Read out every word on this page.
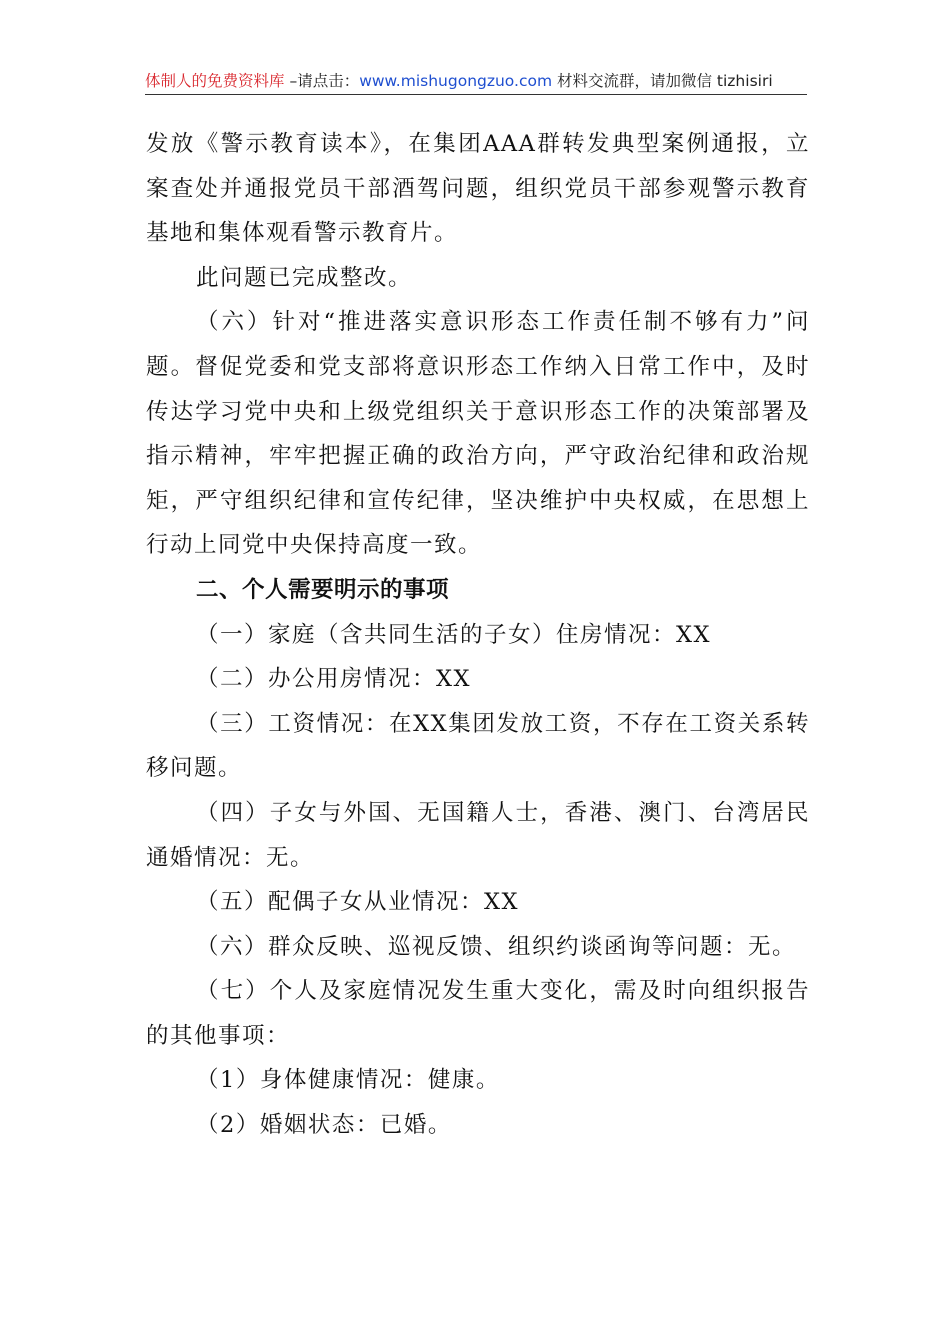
体制人的免费资料库 –请点击：www.mishugongzuo.com 材料交流群，请加微信 tizhisiri

发放《警示教育读本》，在集团AAA群转发典型案例通报，立案查处并通报党员干部酒驾问题，组织党员干部参观警示教育基地和集体观看警示教育片。

此问题已完成整改。

（六）针对“推进落实意识形态工作责任制不够有力”问题。督促党委和党支部将意识形态工作纳入日常工作中，及时传达学习党中央和上级党组织关于意识形态工作的决策部署及指示精神，牢牢把握正确的政治方向，严守政治纪律和政治规矩，严守组织纪律和宣传纪律，坚决维护中央权威，在思想上行动上同党中央保持高度一致。

二、个人需要明示的事项

（一）家庭（含共同生活的子女）住房情况：XX

（二）办公用房情况：XX

（三）工资情况：在XX集团发放工资，不存在工资关系转移问题。

（四）子女与外国、无国籍人士，香港、澳门、台湾居民通婚情况：无。

（五）配偶子女从业情况：XX

（六）群众反映、巡视反馈、组织约谈函询等问题：无。

（七）个人及家庭情况发生重大变化，需及时向组织报告的其他事项：

（1）身体健康情况：健康。

（2）婚姻状态：已婚。
